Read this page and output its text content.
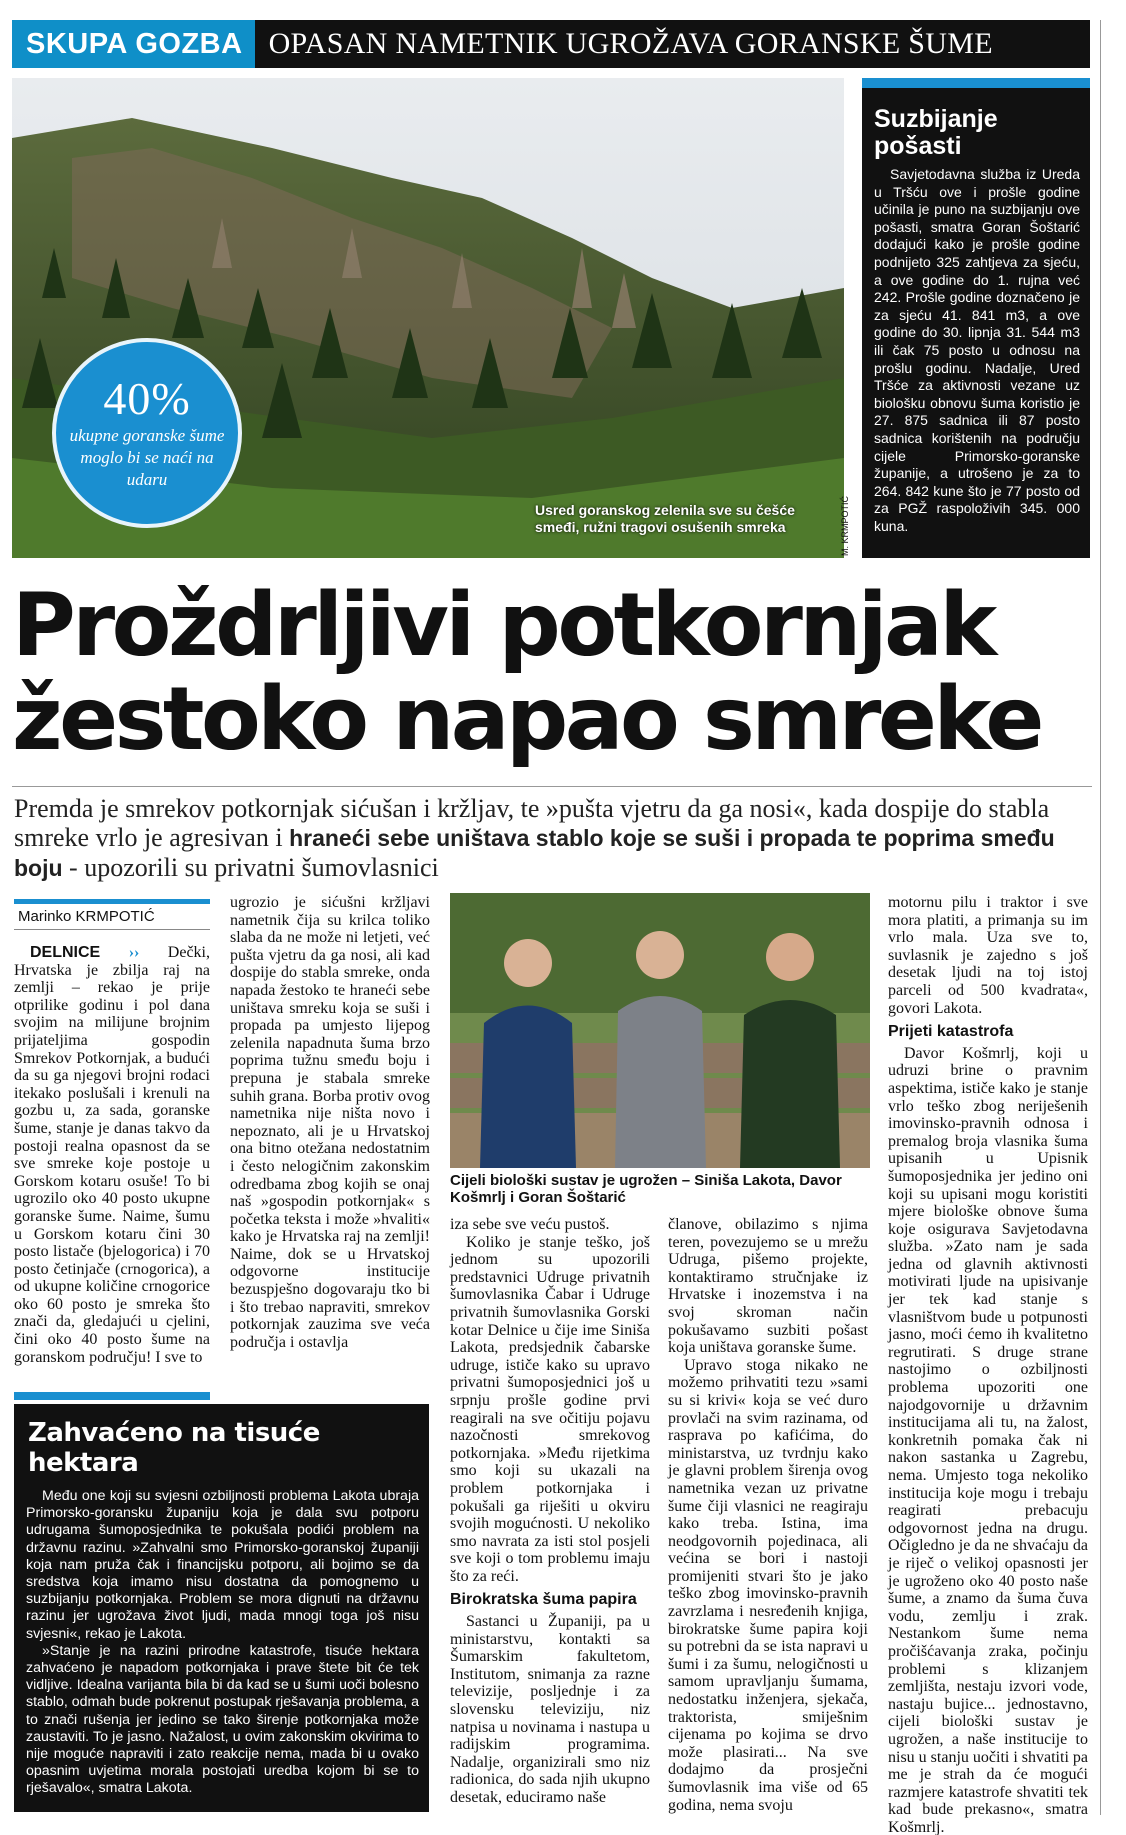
SKUPA GOZBA OPASAN NAMETNIK UGROŽAVA GORANSKE ŠUME
40%
ukupne goranske šume moglo bi se naći na udaru
Usred goranskog zelenila sve su češće smeđi, ružni tragovi osušenih smreka	M. KRMPOTIĆ
Suzbijanje pošasti
Savjetodavna služba iz Ureda u Tršću ove i prošle godine učinila je puno na suzbijanju ove pošasti, smatra Goran Šoštarić dodajući kako je prošle godine podnijeto 325 zahtjeva za sjeću, a ove godine do 1. rujna već 242. Prošle godine doznačeno je za sjeću 41. 841 m3, a ove godine do 30. lipnja 31. 544 m3 ili čak 75 posto u odnosu na prošlu godinu. Nadalje, Ured Tršće za aktivnosti vezane uz biološku obnovu šuma koristio je 27. 875 sadnica ili 87 posto sadnica korištenih na području cijele Primorsko-goranske županije, a utrošeno je za to 264. 842 kune što je 77 posto od za PGŽ raspoloživih 345. 000 kuna.
Proždrljivi potkornjak
žestoko napao smreke
Premda je smrekov potkornjak sićušan i kržljav, te »pušta vjetru da ga nosi«, kada dospije do stabla smreke vrlo je agresivan i hraneći sebe uništava stablo koje se suši i propada te poprima smeđu boju - upozorili su privatni šumovlasnici
Marinko KRMPOTIĆ

DELNICE ›› Dečki, Hrvatska je zbilja raj na zemlji – rekao je prije otprilike godinu i pol dana svojim na milijune brojnim prijateljima gospodin Smrekov Potkornjak, a budući da su ga njegovi brojni rodaci itekako poslušali i krenuli na gozbu u, za sada, goranske šume, stanje je danas takvo da postoji realna opasnost da se sve smreke koje postoje u Gorskom kotaru osuše! To bi ugrozilo oko 40 posto ukupne goranske šume. Naime, šumu u Gorskom kotaru čini 30 posto listače (bjelogorica) i 70 posto četinjače (crnogorica), a od ukupne količine crnogorice oko 60 posto je smreka što znači da, gledajući u cjelini, čini oko 40 posto šume na goranskom području! I sve to

ugrozio je sićušni kržljavi nametnik čija su krilca toliko slaba da ne može ni letjeti, već pušta vjetru da ga nosi, ali kad dospije do stabla smreke, onda napada žestoko te hraneći sebe uništava smreku koja se suši i propada pa umjesto lijepog zelenila napadnuta šuma brzo poprima tužnu smeđu boju i prepuna je stabala smreke suhih grana. Borba protiv ovog nametnika nije ništa novo i nepoznato, ali je u Hrvatskoj ona bitno otežana nedostatnim i često nelogičnim zakonskim odredbama zbog kojih se onaj naš »gospodin potkornjak« s početka teksta i može »hvaliti« kako je Hrvatska raj na zemlji! Naime, dok se u Hrvatskoj odgovorne institucije bezuspješno dogovaraju tko bi i što trebao napraviti, smrekov potkornjak zauzima sve veća područja i ostavlja

Cijeli biološki sustav je ugrožen – Siniša Lakota, Davor Košmrlj i Goran Šoštarić

iza sebe sve veću pustoš.

Koliko je stanje teško, još jednom su upozorili predstavnici Udruge privatnih šumovlasnika Čabar i Udruge privatnih šumovlasnika Gorski kotar Delnice u čije ime Siniša Lakota, predsjednik čabarske udruge, ističe kako su upravo privatni šumoposjednici još u srpnju prošle godine prvi reagirali na sve očitiju pojavu nazočnosti smrekovog potkornjaka. »Među rijetkima smo koji su ukazali na problem potkornjaka i pokušali ga riješiti u okviru svojih mogućnosti. U nekoliko smo navrata za isti stol posjeli sve koji o tom problemu imaju što za reći.

Birokratska šuma papira

Sastanci u Županiji, pa u ministarstvu, kontakti sa Šumarskim fakultetom, Institutom, snimanja za razne televizije, posljednje i za slovensku televiziju, niz natpisa u novinama i nastupa u radijskim programima. Nadalje, organizirali smo niz radionica, do sada njih ukupno desetak, educiramo naše

članove, obilazimo s njima teren, povezujemo se u mrežu Udruga, pišemo projekte, kontaktiramo stručnjake iz Hrvatske i inozemstva i na svoj skroman način pokušavamo suzbiti pošast koja uništava goranske šume.

Upravo stoga nikako ne možemo prihvatiti tezu »sami su si krivi« koja se već duго provlači na svim razinama, od rasprava po kafićima, do ministarstva, uz tvrdnju kako je glavni problem širenja ovog nametnika vezan uz privatne šume čiji vlasnici ne reagiraju kako treba. Istina, ima neodgovornih pojedinaca, ali većina se bori i nastoji promijeniti stvari što je jako teško zbog imovinsko-pravnih zavrzlama i nesređenih knjiga, birokratske šume papira koji su potrebni da se ista napravi u šumi i za šumu, nelogičnosti u samom upravljanju šumama, nedostatku inženjera, sjekača, traktorista, smiješnim cijenama po kojima se drvo može plasirati... Na sve dodajmo da prosječni šumovlasnik ima više od 65 godina, nema svoju

motornu pilu i traktor i sve mora platiti, a primanja su im vrlo mala. Uza sve to, suvlasnik je zajedno s još desetak ljudi na toj istoj parceli od 500 kvadrata«, govori Lakota.

Prijeti katastrofa

Davor Košmrlj, koji u udruzi brine o pravnim aspektima, ističe kako je stanje vrlo teško zbog neriješenih imovinsko-pravnih odnosa i premalog broja vlasnika šuma upisanih u Upisnik šumoposjednika jer jedino oni koji su upisani mogu koristiti mjere biološke obnove šuma koje osigurava Savjetodavna služba. »Zato nam je sada jedna od glavnih aktivnosti motivirati ljude na upisivanje jer tek kad stanje s vlasništvom bude u potpunosti jasno, moći ćemo ih kvalitetno regrutirati. S druge strane nastojimo o ozbiljnosti problema upozoriti one najodgovornije u državnim institucijama ali tu, na žalost, konkretnih pomaka čak ni nakon sastanka u Zagrebu, nema. Umjesto toga nekoliko institucija koje mogu i trebaju reagirati prebacuju odgovornost jedna na drugu. Očigledno je da ne shvaćaju da je riječ o velikoj opasnosti jer je ugroženo oko 40 posto naše šume, a znamo da šuma čuva vodu, zemlju i zrak. Nestankom šume nema pročišćavanja zraka, počinju problemi s klizanjem zemljišta, nestaju izvori vode, nastaju bujice... jednostavno, cijeli biološki sustav je ugrožen, a naše institucije to nisu u stanju uočiti i shvatiti pa me je strah da će mogući razmjere katastrofe shvatiti tek kad bude prekasno«, smatra Košmrlj.

Zahvaćeno na tisuće hektara

Među one koji su svjesni ozbiljnosti problema Lakota ubraja Primorsko-goransku županiju koja je dala svu potporu udrugama šumoposjednika te pokušala podići problem na državnu razinu. »Zahvalni smo Primorsko-goranskoj županiji koja nam pruža čak i financijsku potporu, ali bojimo se da sredstva koja imamo nisu dostatna da pomognemo u suzbijanju potkornjaka. Problem se mora dignuti na državnu razinu jer ugrožava život ljudi, mada mnogi toga još nisu svjesni«, rekao je Lakota.

»Stanje je na razini prirodne katastrofe, tisuće hektara zahvaćeno je napadom potkornjaka i prave štete bit će tek vidljive. Idealna varijanta bila bi da kad se u šumi uoči bolesno stablo, odmah bude pokrenut postupak rješavanja problema, a to znači rušenja jer jedino se tako širenje potkornjaka može zaustaviti. To je jasno. Nažalost, u ovim zakonskim okvirima to nije moguće napraviti i zato reakcije nema, mada bi u ovako opasnim uvjetima morala postojati uredba kojom bi se to rješavalo«, smatra Lakota.
